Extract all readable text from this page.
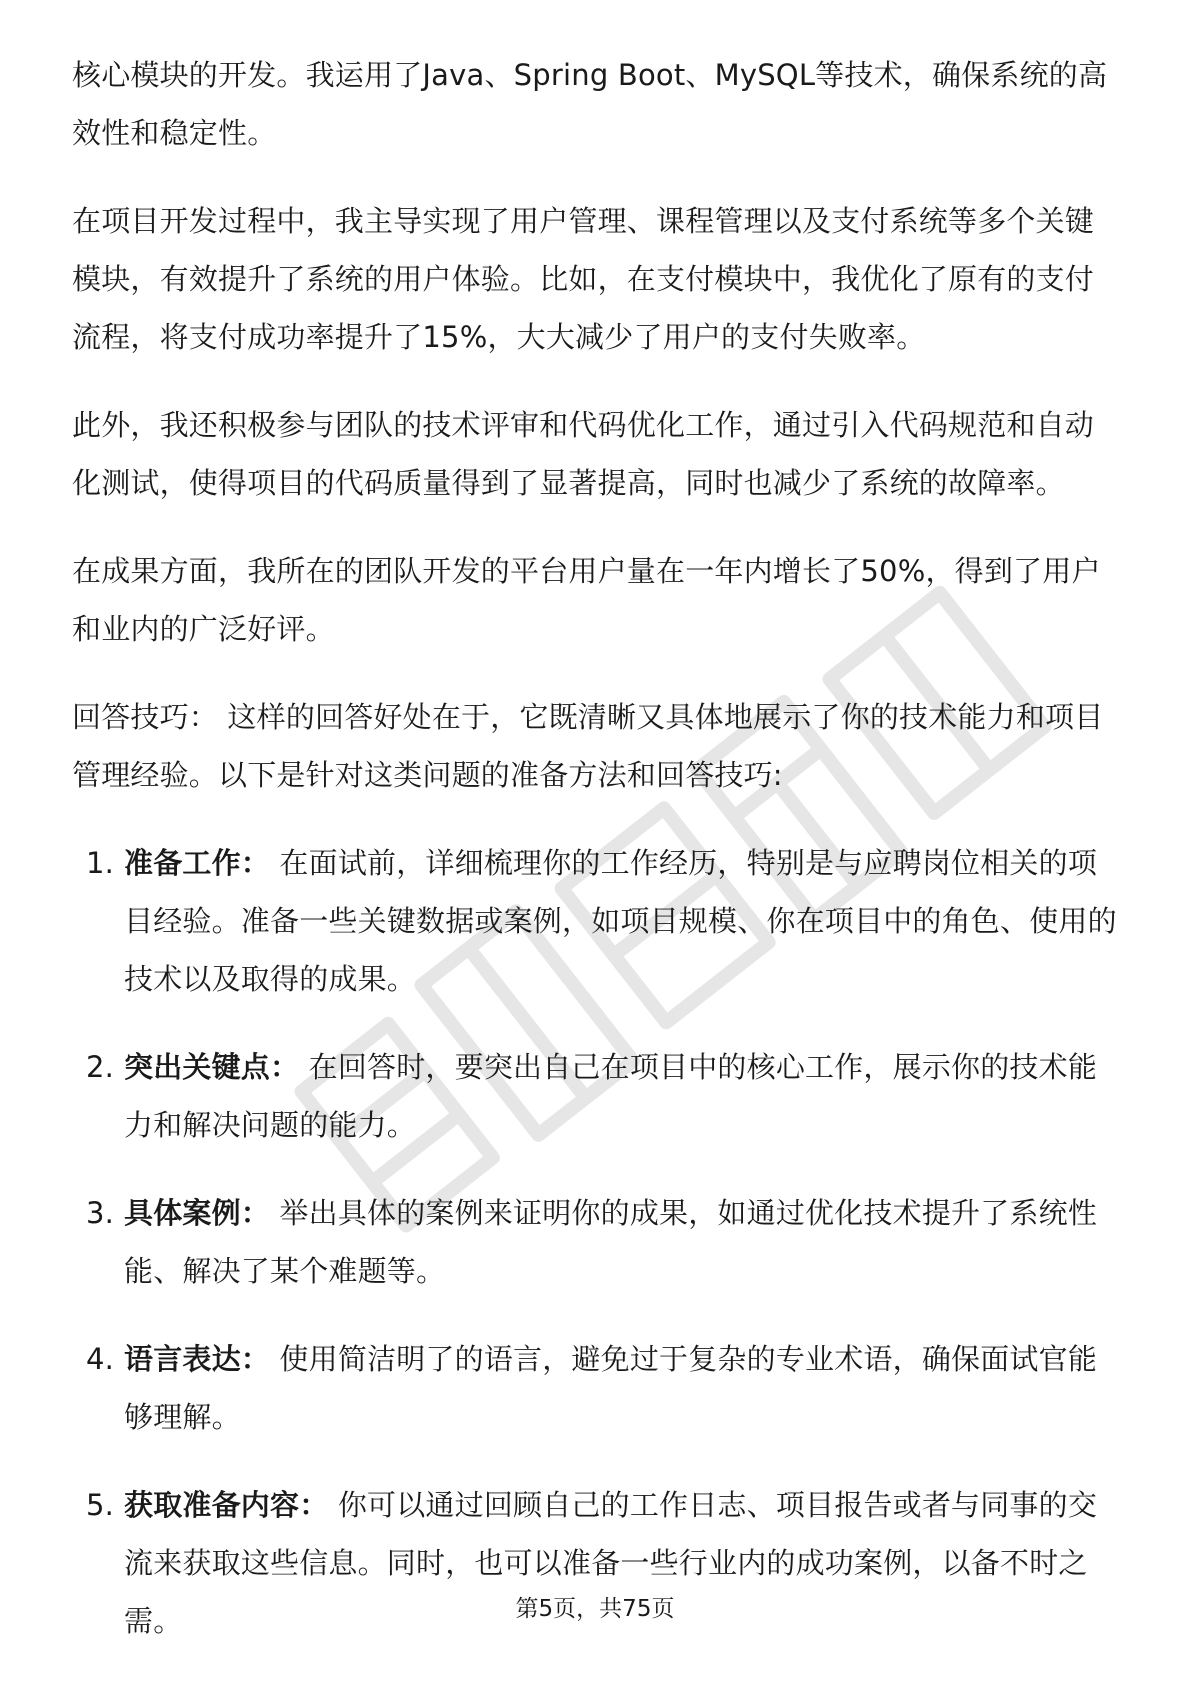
核心模块的开发。我运用了Java、Spring Boot、MySQL等技术，确保系统的高效性和稳定性。

在项目开发过程中，我主导实现了用户管理、课程管理以及支付系统等多个关键模块，有效提升了系统的用户体验。比如，在支付模块中，我优化了原有的支付流程，将支付成功率提升了15%，大大减少了用户的支付失败率。

此外，我还积极参与团队的技术评审和代码优化工作，通过引入代码规范和自动化测试，使得项目的代码质量得到了显著提高，同时也减少了系统的故障率。

在成果方面，我所在的团队开发的平台用户量在一年内增长了50%，得到了用户和业内的广泛好评。

回答技巧： 这样的回答好处在于，它既清晰又具体地展示了你的技术能力和项目管理经验。以下是针对这类问题的准备方法和回答技巧:

1. 准备工作： 在面试前，详细梳理你的工作经历，特别是与应聘岗位相关的项目经验。准备一些关键数据或案例，如项目规模、你在项目中的角色、使用的技术以及取得的成果。
2. 突出关键点： 在回答时，要突出自己在项目中的核心工作，展示你的技术能力和解决问题的能力。
3. 具体案例： 举出具体的案例来证明你的成果，如通过优化技术提升了系统性能、解决了某个难题等。
4. 语言表达： 使用简洁明了的语言，避免过于复杂的专业术语，确保面试官能够理解。
5. 获取准备内容： 你可以通过回顾自己的工作日志、项目报告或者与同事的交流来获取这些信息。同时，也可以准备一些行业内的成功案例，以备不时之需。	第5页，共75页
